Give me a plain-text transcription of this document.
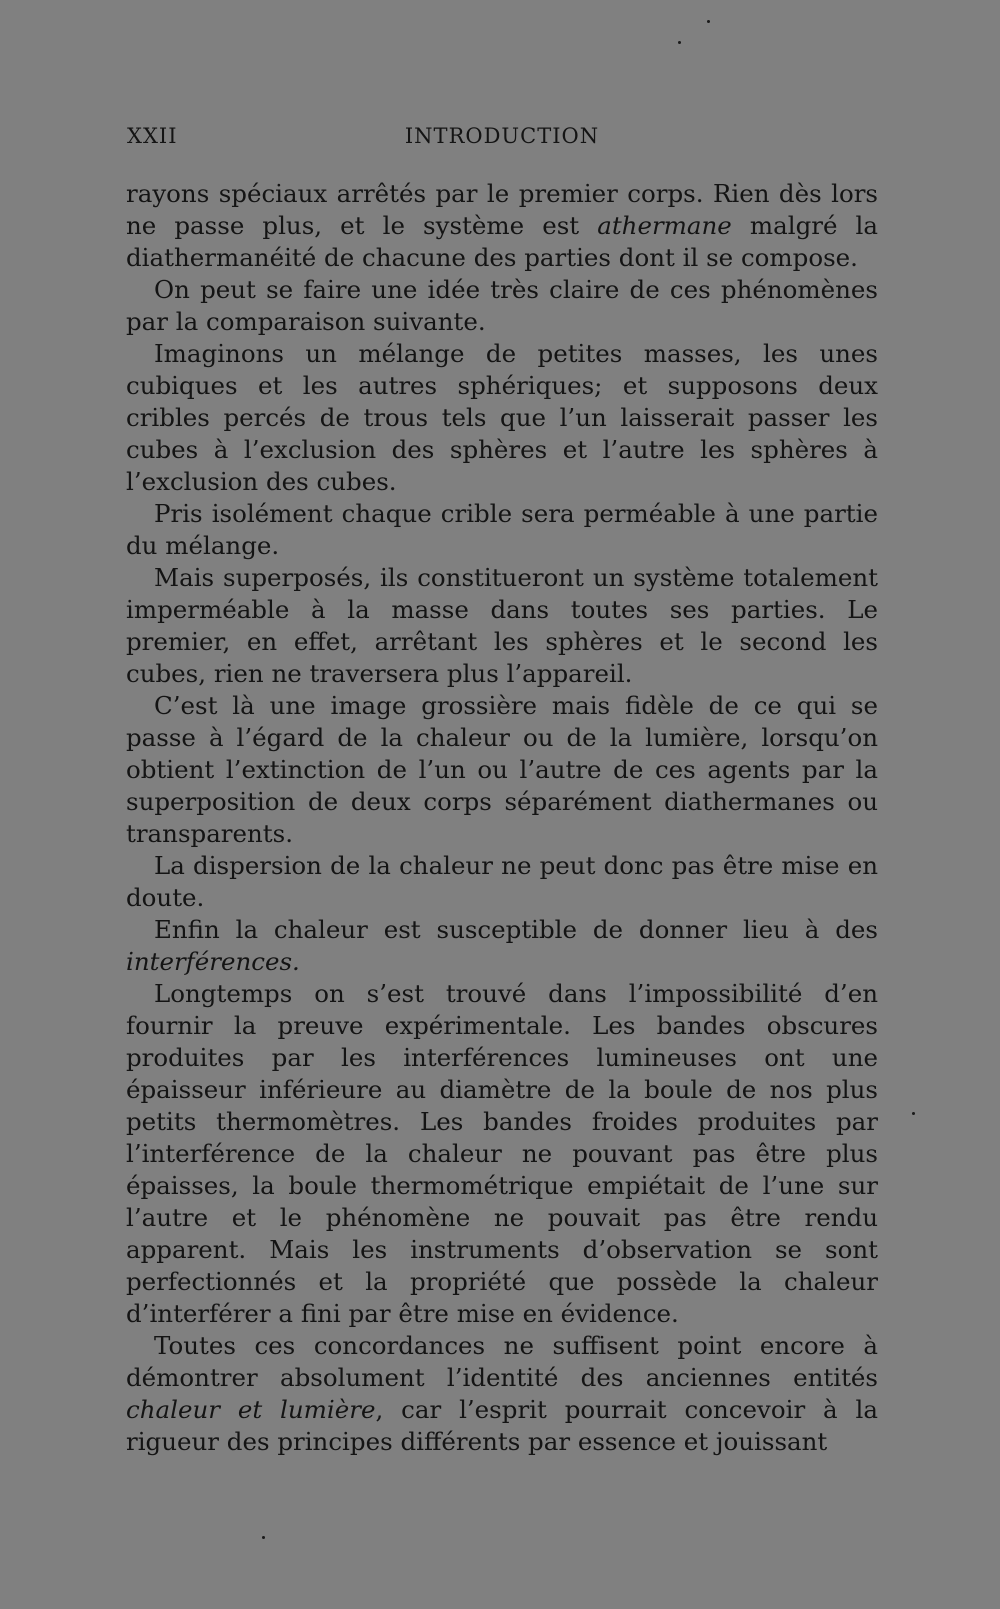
XXII	INTRODUCTION

rayons spéciaux arrêtés par le premier corps. Rien dès lors ne passe plus, et le système est athermane malgré la diathermanéité de chacune des parties dont il se compose.

On peut se faire une idée très claire de ces phénomènes par la comparaison suivante.

Imaginons un mélange de petites masses, les unes cubiques et les autres sphériques; et supposons deux cribles percés de trous tels que l’un laisserait passer les cubes à l’exclusion des sphères et l’autre les sphères à l’exclusion des cubes.

Pris isolément chaque crible sera perméable à une partie du mélange.

Mais superposés, ils constitueront un système totalement imperméable à la masse dans toutes ses parties. Le premier, en effet, arrêtant les sphères et le second les cubes, rien ne traversera plus l’appareil.

C’est là une image grossière mais fidèle de ce qui se passe à l’égard de la chaleur ou de la lumière, lorsqu’on obtient l’extinction de l’un ou l’autre de ces agents par la superposition de deux corps séparément diathermanes ou transparents.

La dispersion de la chaleur ne peut donc pas être mise en doute.

Enfin la chaleur est susceptible de donner lieu à des interférences.

Longtemps on s’est trouvé dans l’impossibilité d’en fournir la preuve expérimentale. Les bandes obscures produites par les interférences lumineuses ont une épaisseur inférieure au diamètre de la boule de nos plus petits thermomètres. Les bandes froides produites par l’interférence de la chaleur ne pouvant pas être plus épaisses, la boule thermométrique empiétait de l’une sur l’autre et le phénomène ne pouvait pas être rendu apparent. Mais les instruments d’observation se sont perfectionnés et la propriété que possède la chaleur d’interférer a fini par être mise en évidence.

Toutes ces concordances ne suffisent point encore à démontrer absolument l’identité des anciennes entités chaleur et lumière, car l’esprit pourrait concevoir à la rigueur des principes différents par essence et jouissant
